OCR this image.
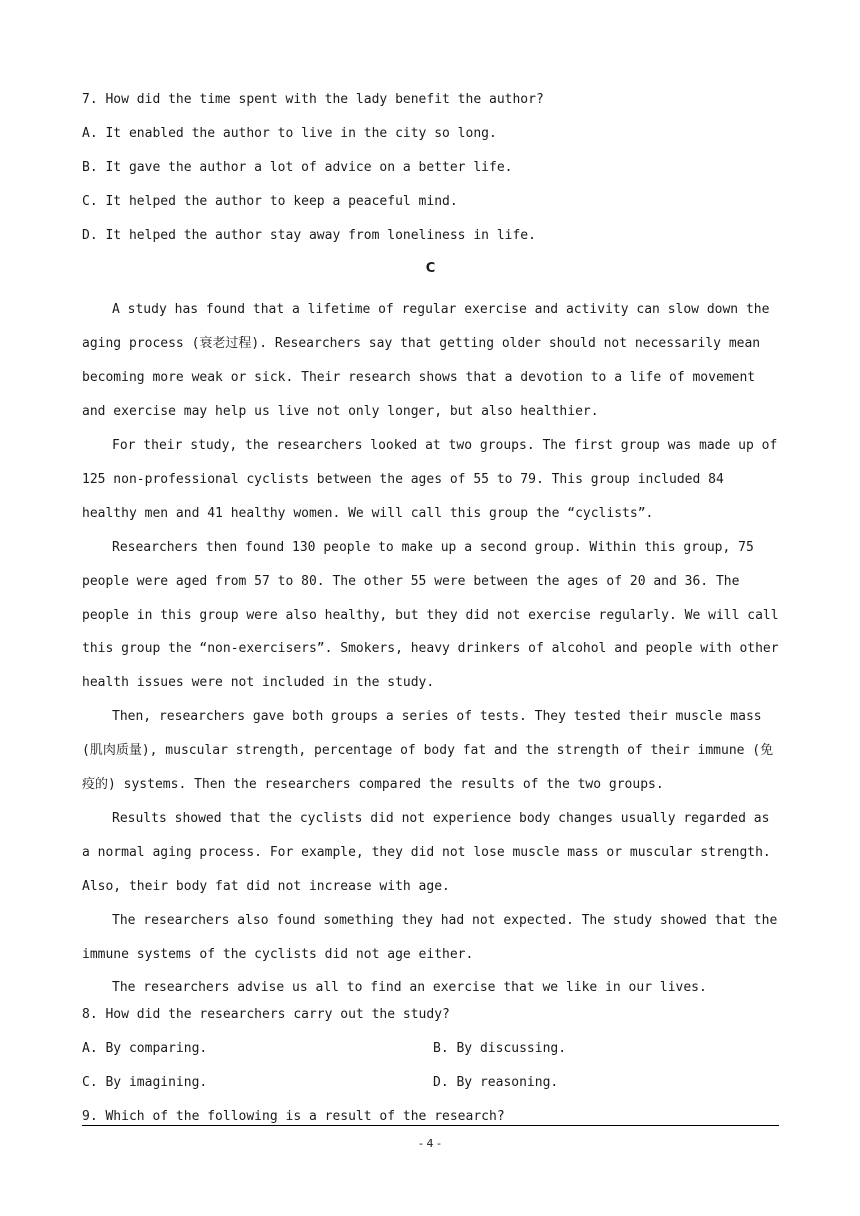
7. How did the time spent with the lady benefit the author?
A. It enabled the author to live in the city so long.
B. It gave the author a lot of advice on a better life.
C. It helped the author to keep a peaceful mind.
D. It helped the author stay away from loneliness in life.
C
A study has found that a lifetime of regular exercise and activity can slow down the aging process (衰老过程). Researchers say that getting older should not necessarily mean becoming more weak or sick. Their research shows that a devotion to a life of movement and exercise may help us live not only longer, but also healthier.
For their study, the researchers looked at two groups. The first group was made up of 125 non-professional cyclists between the ages of 55 to 79. This group included 84 healthy men and 41 healthy women. We will call this group the “cyclists”.
Researchers then found 130 people to make up a second group. Within this group, 75 people were aged from 57 to 80. The other 55 were between the ages of 20 and 36. The people in this group were also healthy, but they did not exercise regularly. We will call this group the “non-exercisers”. Smokers, heavy drinkers of alcohol and people with other health issues were not included in the study.
Then, researchers gave both groups a series of tests. They tested their muscle mass (肌肉质量), muscular strength, percentage of body fat and the strength of their immune (免疫的) systems. Then the researchers compared the results of the two groups.
Results showed that the cyclists did not experience body changes usually regarded as a normal aging process. For example, they did not lose muscle mass or muscular strength. Also, their body fat did not increase with age.
The researchers also found something they had not expected. The study showed that the immune systems of the cyclists did not age either.
The researchers advise us all to find an exercise that we like in our lives.
8. How did the researchers carry out the study?
A. By comparing.	B. By discussing.
C. By imagining.	D. By reasoning.
9. Which of the following is a result of the research?
- 4 -
